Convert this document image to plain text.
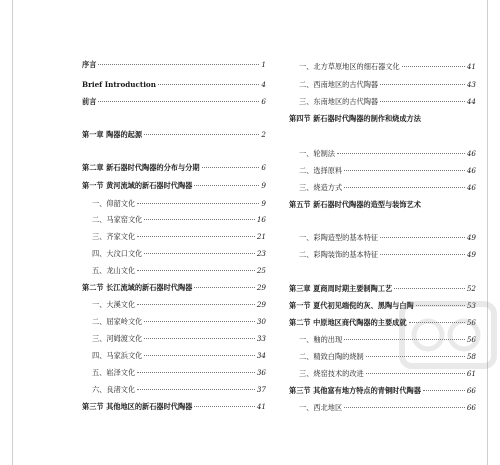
序言	1
Brief Introduction	4
前言	6
第一章 陶器的起源	2
第二章 新石器时代陶器的分布与分期	6
第一节 黄河流域的新石器时代陶器	9
一、仰韶文化	9
二、马家窑文化	16
三、齐家文化	21
四、大汶口文化	23
五、龙山文化	25
第二节 长江流域的新石器时代陶器	29
一、大溪文化	29
二、屈家岭文化	30
三、河姆渡文化	33
四、马家浜文化	34
五、崧泽文化	36
六、良渚文化	37
第三节 其他地区的新石器时代陶器	41
一、北方草原地区的细石器文化	41
二、西南地区的古代陶器	43
三、东南地区的古代陶器	44
第四节 新石器时代陶器的制作和烧成方法
一、轮制法	46
二、选择原料	46
三、烧造方式	46
第五节 新石器时代陶器的造型与装饰艺术
一、彩陶造型的基本特征	49
二、彩陶装饰的基本特征	49
第三章 夏商周时期主要制陶工艺	52
第一节 夏代初见端倪的灰、黑陶与白陶	53
第二节 中原地区商代陶器的主要成就	56
一、釉的出现	56
二、精致白陶的烧制	58
三、烧窑技术的改进	61
第三节 其他富有地方特点的青铜时代陶器	66
一、西北地区	66
